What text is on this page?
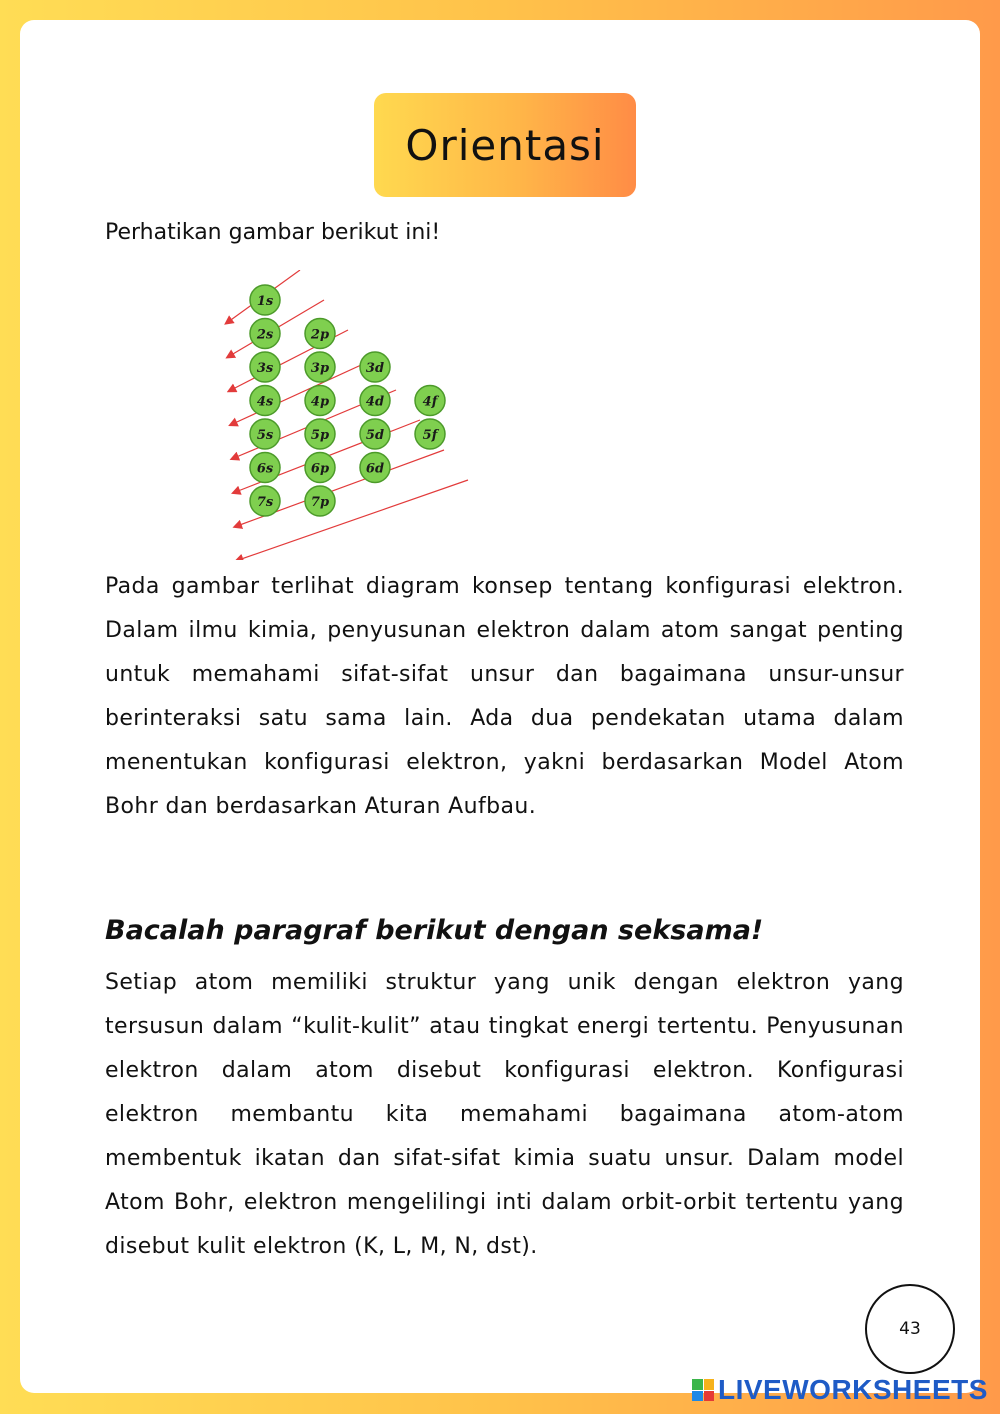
Orientasi
Perhatikan gambar berikut ini!
1s
2s	2p
3s	3p	3d
4s	4p	4d	4f
5s	5p	5d	5f
6s	6p	6d
7s	7p

Pada gambar terlihat diagram konsep tentang konfigurasi elektron. Dalam ilmu kimia, penyusunan elektron dalam atom sangat penting untuk memahami sifat-sifat unsur dan bagaimana unsur-unsur berinteraksi satu sama lain. Ada dua pendekatan utama dalam menentukan konfigurasi elektron, yakni berdasarkan Model Atom Bohr dan berdasarkan Aturan Aufbau.

Bacalah paragraf berikut dengan seksama!

Setiap atom memiliki struktur yang unik dengan elektron yang tersusun dalam “kulit-kulit” atau tingkat energi tertentu. Penyusunan elektron dalam atom disebut konfigurasi elektron. Konfigurasi elektron membantu kita memahami bagaimana atom-atom membentuk ikatan dan sifat-sifat kimia suatu unsur. Dalam model Atom Bohr, elektron mengelilingi inti dalam orbit-orbit tertentu yang disebut kulit elektron (K, L, M, N, dst).

43
LIVEWORKSHEETS
